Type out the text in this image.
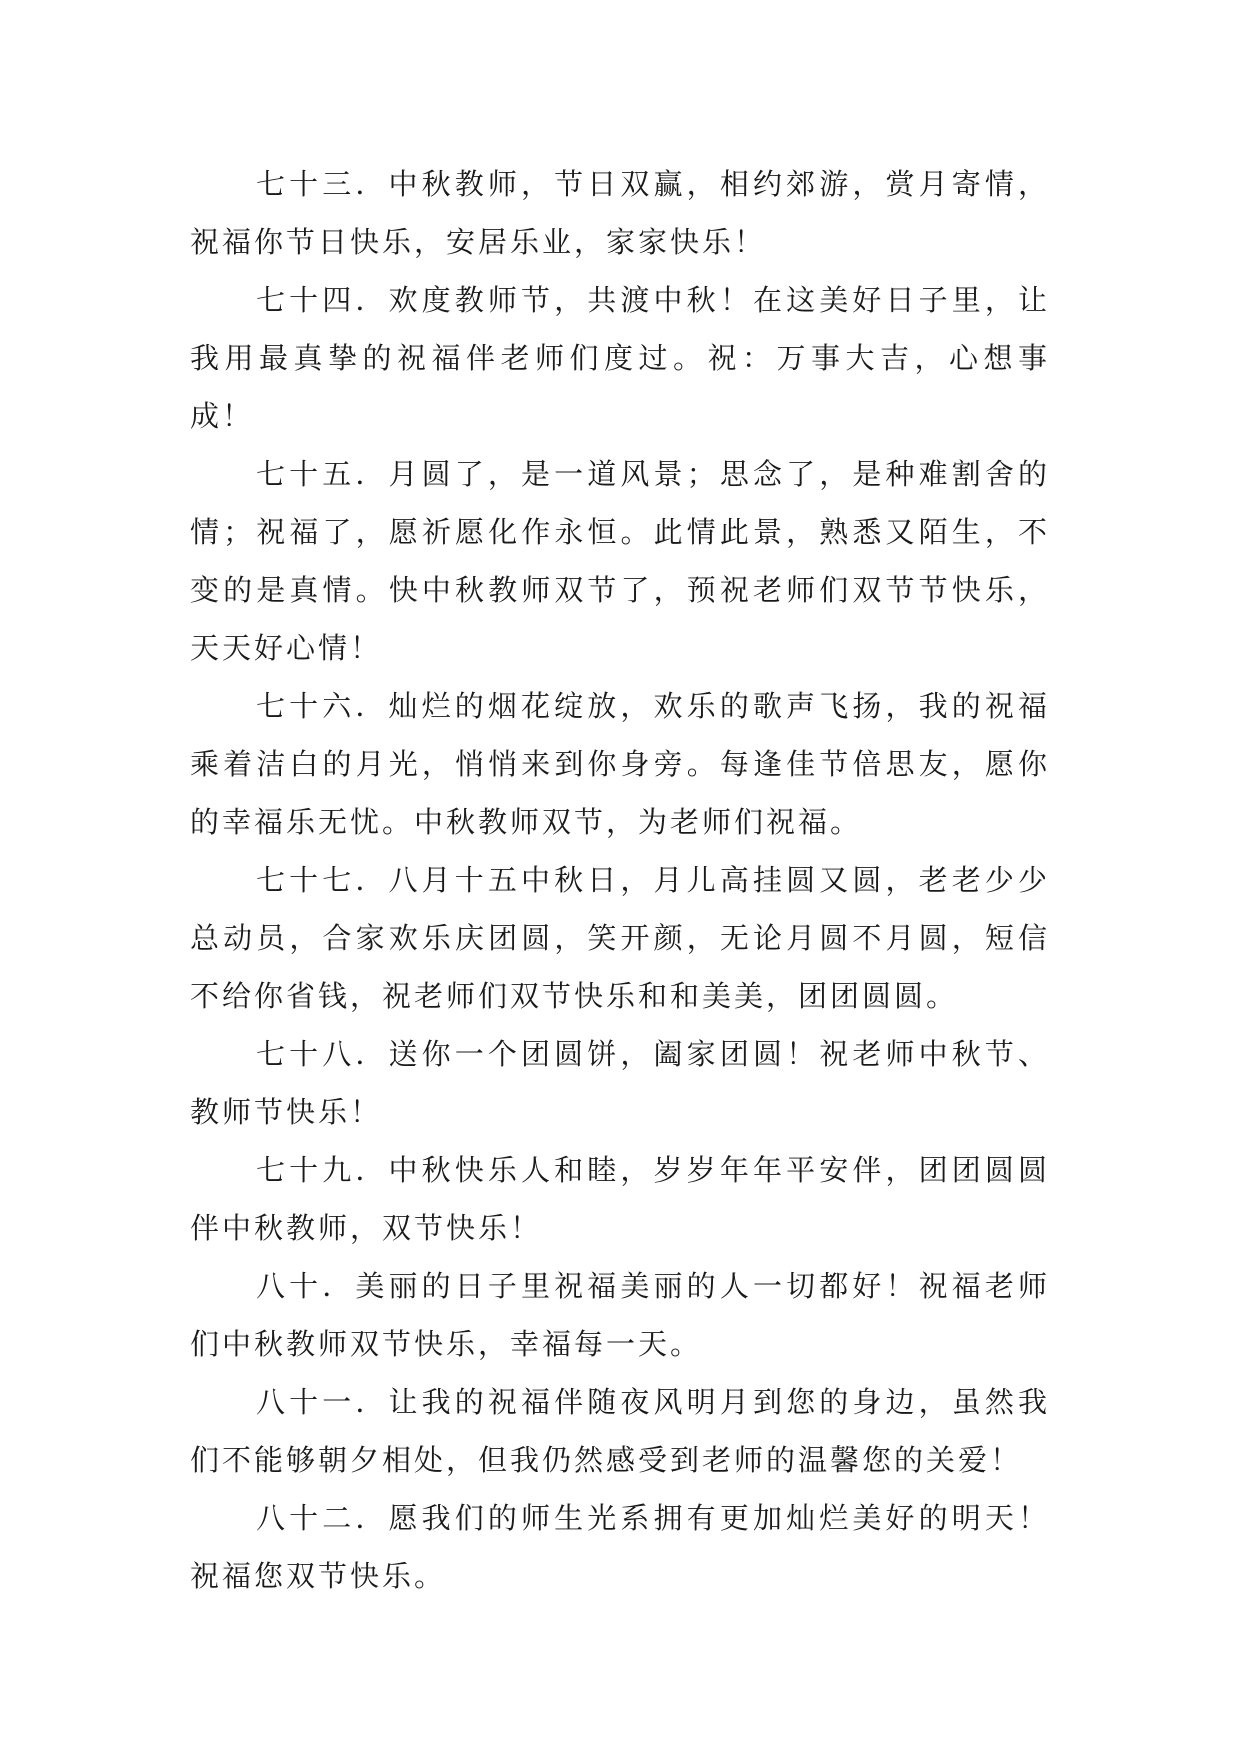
七十三．中秋教师，节日双赢，相约郊游，赏月寄情，祝福你节日快乐，安居乐业，家家快乐！

七十四．欢度教师节，共渡中秋！在这美好日子里，让我用最真挚的祝福伴老师们度过。祝：万事大吉，心想事成！

七十五．月圆了，是一道风景；思念了，是种难割舍的情；祝福了，愿祈愿化作永恒。此情此景，熟悉又陌生，不变的是真情。快中秋教师双节了，预祝老师们双节节快乐，天天好心情！

七十六．灿烂的烟花绽放，欢乐的歌声飞扬，我的祝福乘着洁白的月光，悄悄来到你身旁。每逢佳节倍思友，愿你的幸福乐无忧。中秋教师双节，为老师们祝福。

七十七．八月十五中秋日，月儿高挂圆又圆，老老少少总动员，合家欢乐庆团圆，笑开颜，无论月圆不月圆，短信不给你省钱，祝老师们双节快乐和和美美，团团圆圆。

七十八．送你一个团圆饼，阖家团圆！祝老师中秋节、教师节快乐！

七十九．中秋快乐人和睦，岁岁年年平安伴，团团圆圆伴中秋教师，双节快乐！

八十．美丽的日子里祝福美丽的人一切都好！祝福老师们中秋教师双节快乐，幸福每一天。

八十一．让我的祝福伴随夜风明月到您的身边，虽然我们不能够朝夕相处，但我仍然感受到老师的温馨您的关爱！

八十二．愿我们的师生光系拥有更加灿烂美好的明天！祝福您双节快乐。
